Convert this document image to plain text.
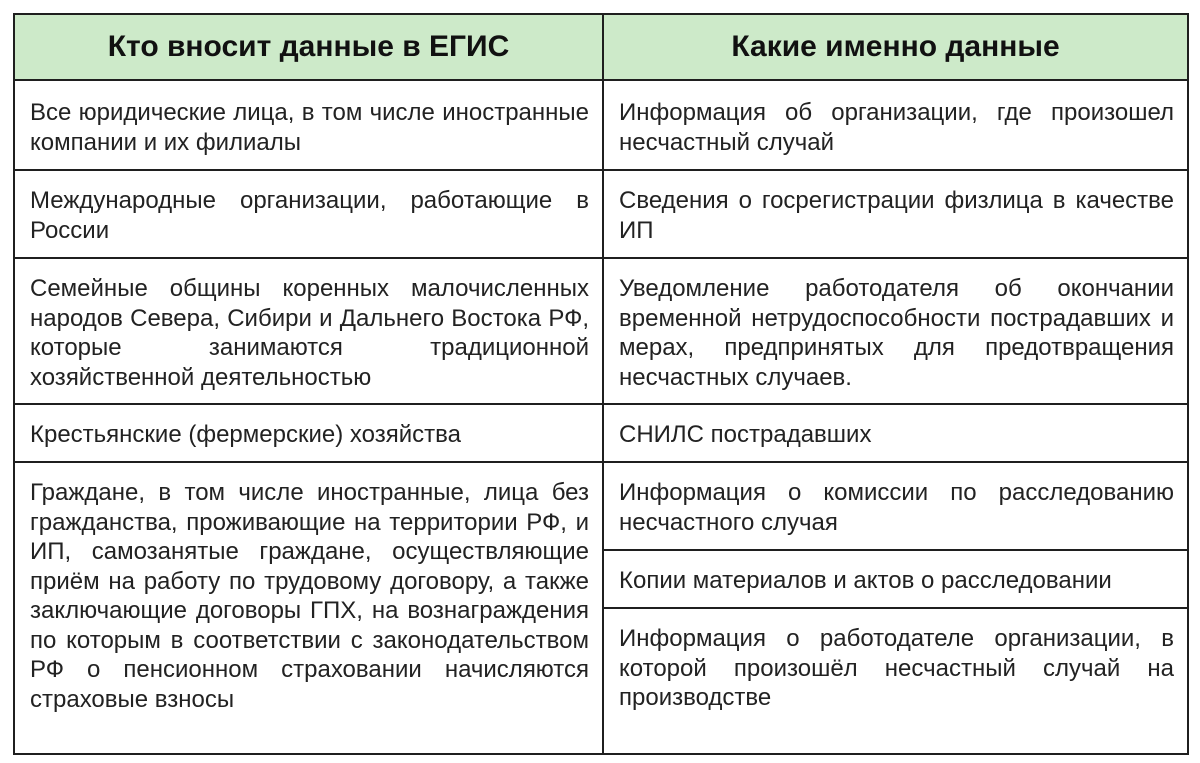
Кто вносит данные в ЕГИС

Все юридические лица, в том числе иностранные компании и их филиалы

Международные организации, работающие в России

Семейные общины коренных малочисленных народов Севера, Сибири и Дальнего Востока РФ, которые занимаются традиционной хозяйственной деятельностью

Крестьянские (фермерские) хозяйства

Граждане, в том числе иностранные, лица без гражданства, проживающие на территории РФ, и ИП, самозанятые граждане, осуществляющие приём на работу по трудовому договору, а также заключающие договоры ГПХ, на вознаграждения по которым в соответствии с законодательством РФ о пенсионном страховании начисляются страховые взносы

Какие именно данные

Информация об организации, где произошел несчастный случай

Сведения о госрегистрации физлица в качестве ИП

Уведомление работодателя об окончании временной нетрудоспособности пострадавших и мерах, предпринятых для предотвращения несчастных случаев.

СНИЛС пострадавших

Информация о комиссии по расследованию несчастного случая

Копии материалов и актов о расследовании

Информация о работодателе организации, в которой произошёл несчастный случай на производстве
